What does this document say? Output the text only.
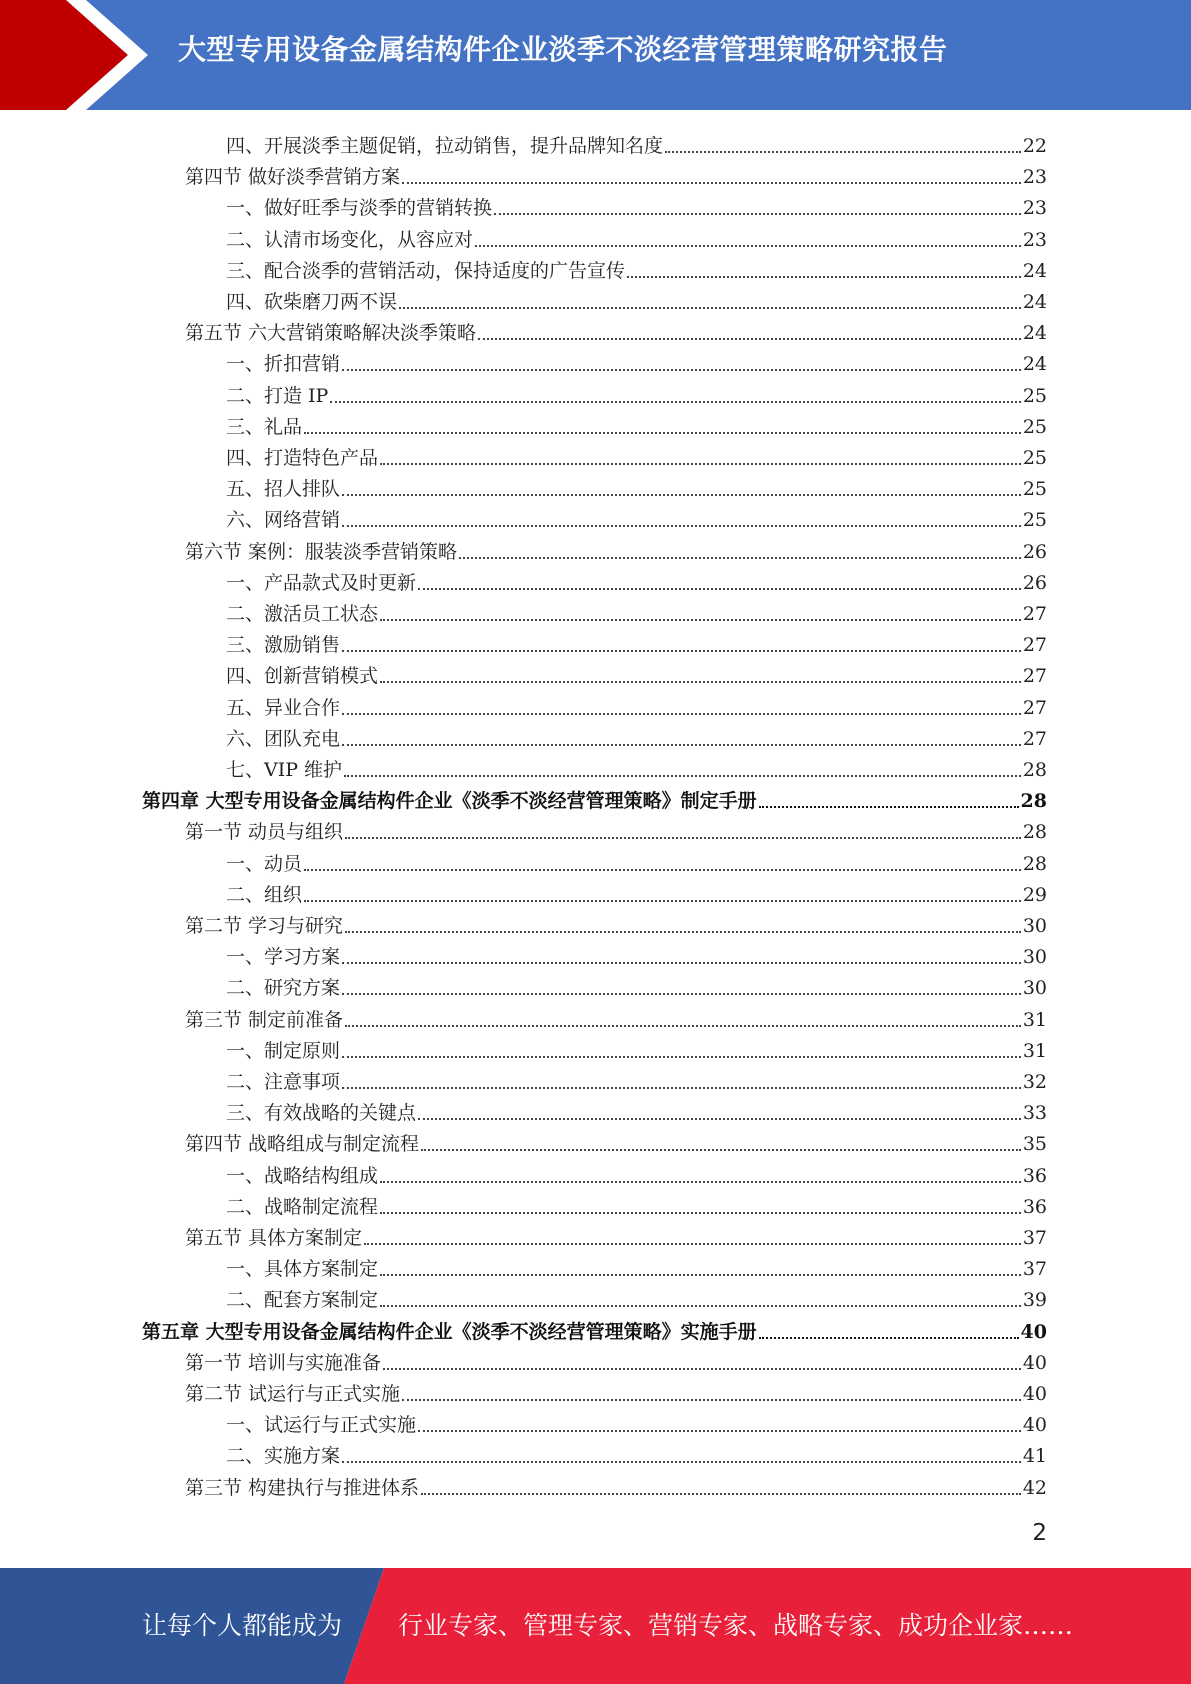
大型专用设备金属结构件企业淡季不淡经营管理策略研究报告
四、开展淡季主题促销，拉动销售，提升品牌知名度	22
第四节 做好淡季营销方案	23
一、做好旺季与淡季的营销转换	23
二、认清市场变化，从容应对	23
三、配合淡季的营销活动，保持适度的广告宣传	24
四、砍柴磨刀两不误	24
第五节 六大营销策略解决淡季策略	24
一、折扣营销	24
二、打造 IP	25
三、礼品	25
四、打造特色产品	25
五、招人排队	25
六、网络营销	25
第六节 案例：服装淡季营销策略	26
一、产品款式及时更新	26
二、激活员工状态	27
三、激励销售	27
四、创新营销模式	27
五、异业合作	27
六、团队充电	27
七、VIP 维护	28
第四章 大型专用设备金属结构件企业《淡季不淡经营管理策略》制定手册	28
第一节 动员与组织	28
一、动员	28
二、组织	29
第二节 学习与研究	30
一、学习方案	30
二、研究方案	30
第三节 制定前准备	31
一、制定原则	31
二、注意事项	32
三、有效战略的关键点	33
第四节 战略组成与制定流程	35
一、战略结构组成	36
二、战略制定流程	36
第五节 具体方案制定	37
一、具体方案制定	37
二、配套方案制定	39
第五章 大型专用设备金属结构件企业《淡季不淡经营管理策略》实施手册	40
第一节 培训与实施准备	40
第二节 试运行与正式实施	40
一、试运行与正式实施	40
二、实施方案	41
第三节 构建执行与推进体系	42
2
让每个人都能成为 行业专家、管理专家、营销专家、战略专家、成功企业家……
